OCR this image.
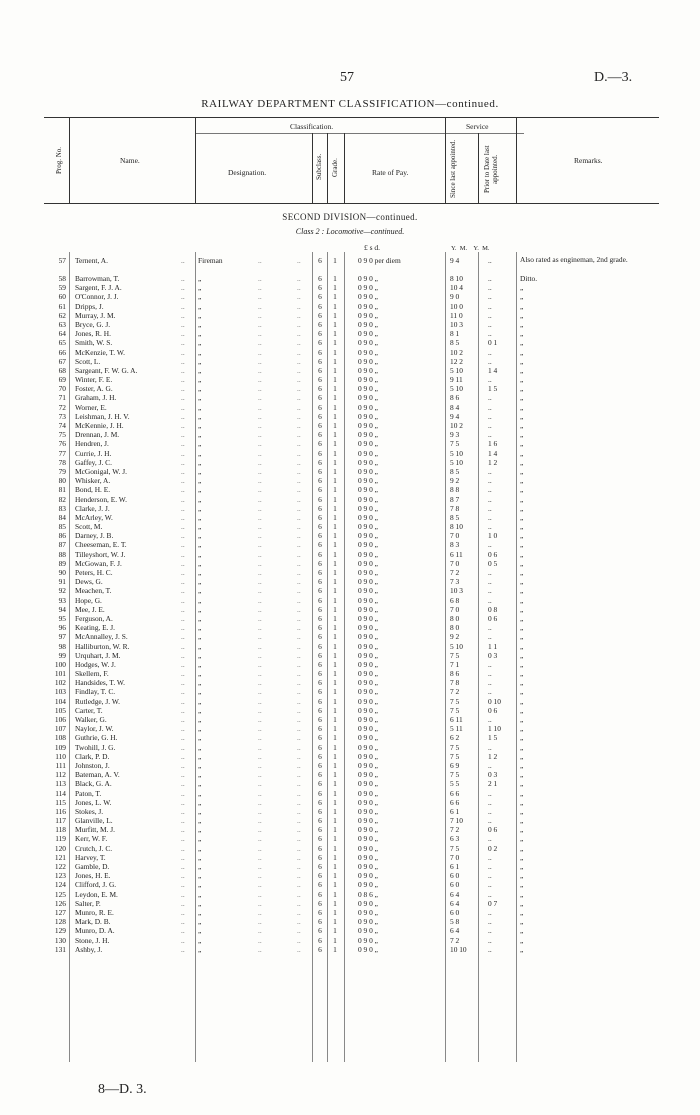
57	D.—3.
RAILWAY DEPARTMENT CLASSIFICATION—continued.
Prog. No.	Name.
Classification.	Service
Designation.	Subclass. Grade.	Rate of Pay.	Since last appointed.	Prior to Date last appointed.	Remarks.
SECOND DIVISION—continued.
Class 2 : Locomotive—continued.
£ s d.	Y.  M.    Y.  M.
57 Ternent, A.	Fireman	6 1	0 9 0 per diem	9 4	..	Also rated as engineman, 2nd grade.
..	..	..
58 Barrowman, T.	„	6 1	0 9 0 „	8 10	..	Ditto.
..	..	..
59 Sargent, F. J. A.	„	6 1	0 9 0 „	10 4	..	„
..	..	..
60 O'Connor, J. J.	„	6 1	0 9 0 „	9 0	..	„
..	..	..
61 Dripps, J.	„	6 1	0 9 0 „	10 0	..	„
..	..	..
62 Murray, J. M.	„	6 1	0 9 0 „	11 0	..	„
..	..	..
63 Bryce, G. J.	„	6 1	0 9 0 „	10 3	..	„
..	..	..
64 Jones, R. H.	„	6 1	0 9 0 „	8 1	..	„
..	..	..
65 Smith, W. S.	„	6 1	0 9 0 „	8 5	0 1	„
..	..	..
66 McKenzie, T. W.	„	6 1	0 9 0 „	10 2	..	„
..	..	..
67 Scott, L.	„	6 1	0 9 0 „	12 2	..	„
..	..	..
68 Sargeant, F. W. G. A.	„	6 1	0 9 0 „	5 10	1 4	„
..	..	..
69 Winter, F. E.	„	6 1	0 9 0 „	9 11	..	„
..	..	..
70 Foster, A. G.	„	6 1	0 9 0 „	5 10	1 5	„
..	..	..
71 Graham, J. H.	„	6 1	0 9 0 „	8 6	..	„
..	..	..
72 Worner, E.	„	6 1	0 9 0 „	8 4	..	„
..	..	..
73 Leishman, J. H. V.	„	6 1	0 9 0 „	9 4	..	„
..	..	..
74 McKennie, J. H.	„	6 1	0 9 0 „	10 2	..	„
..	..	..
75 Drennan, J. M.	„	6 1	0 9 0 „	9 3	..	„
..	..	..
76 Hendren, J.	„	6 1	0 9 0 „	7 5	1 6	„
..	..	..
77 Currie, J. H.	„	6 1	0 9 0 „	5 10	1 4	„
..	..	..
78 Gaffey, J. C.	„	6 1	0 9 0 „	5 10	1 2	„
..	..	..
79 McGonigal, W. J.	„	6 1	0 9 0 „	8 5	..	„
..	..	..
80 Whisker, A.	„	6 1	0 9 0 „	9 2	..	„
..	..	..
81 Bond, H. E.	„	6 1	0 9 0 „	8 8	..	„
..	..	..
82 Henderson, E. W.	„	6 1	0 9 0 „	8 7	..	„
..	..	..
83 Clarke, J. J.	„	6 1	0 9 0 „	7 8	..	„
..	..	..
84 McArley, W.	„	6 1	0 9 0 „	8 5	..	„
..	..	..
85 Scott, M.	„	6 1	0 9 0 „	8 10	..	„
..	..	..
86 Darney, J. B.	„	6 1	0 9 0 „	7 0	1 0	„
..	..	..
87 Cheeseman, E. T.	„	6 1	0 9 0 „	8 3	..	„
..	..	..
88 Tilleyshort, W. J.	„	6 1	0 9 0 „	6 11	0 6	„
..	..	..
89 McGowan, F. J.	„	6 1	0 9 0 „	7 0	0 5	„
..	..	..
90 Peters, H. C.	„	6 1	0 9 0 „	7 2	..	„
..	..	..
91 Dews, G.	„	6 1	0 9 0 „	7 3	..	„
..	..	..
92 Meachen, T.	„	6 1	0 9 0 „	10 3	..	„
..	..	..
93 Hope, G.	„	6 1	0 9 0 „	6 8	..	„
..	..	..
94 Mee, J. E.	„	6 1	0 9 0 „	7 0	0 8	„
..	..	..
95 Ferguson, A.	„	6 1	0 9 0 „	8 0	0 6	„
..	..	..
96 Keating, E. J.	„	6 1	0 9 0 „	8 0	..	„
..	..	..
97 McAnnalley, J. S.	„	6 1	0 9 0 „	9 2	..	„
..	..	..
98 Halliburton, W. R.	„	6 1	0 9 0 „	5 10	1 1	„
..	..	..
99 Urquhart, J. M.	„	6 1	0 9 0 „	7 5	0 3	„
..	..	..
100 Hodges, W. J.	„	6 1	0 9 0 „	7 1	..	„
..	..	..
101 Skellern, F.	„	6 1	0 9 0 „	8 6	..	„
..	..	..
102 Handsides, T. W.	„	6 1	0 9 0 „	7 8	..	„
..	..	..
103 Findlay, T. C.	„	6 1	0 9 0 „	7 2	..	„
..	..	..
104 Rutledge, J. W.	„	6 1	0 9 0 „	7 5	0 10	„
..	..	..
105 Carter, T.	„	6 1	0 9 0 „	7 5	0 6	„
..	..	..
106 Walker, G.	„	6 1	0 9 0 „	6 11	..	„
..	..	..
107 Naylor, J. W.	„	6 1	0 9 0 „	5 11	1 10	„
..	..	..
108 Guthrie, G. H.	„	6 1	0 9 0 „	6 2	1 5	„
..	..	..
109 Twohill, J. G.	„	6 1	0 9 0 „	7 5	..	„
..	..	..
110 Clark, P. D.	„	6 1	0 9 0 „	7 5	1 2	„
..	..	..
111 Johnston, J.	„	6 1	0 9 0 „	6 9	..	„
..	..	..
112 Bateman, A. V.	„	6 1	0 9 0 „	7 5	0 3	„
..	..	..
113 Black, G. A.	„	6 1	0 9 0 „	5 5	2 1	„
..	..	..
114 Paton, T.	„	6 1	0 9 0 „	6 6	..	„
..	..	..
115 Jones, L. W.	„	6 1	0 9 0 „	6 6	..	„
..	..	..
116 Stokes, J.	„	6 1	0 9 0 „	6 1	..	„
..	..	..
117 Glanville, L.	„	6 1	0 9 0 „	7 10	..	„
..	..	..
118 Murfitt, M. J.	„	6 1	0 9 0 „	7 2	0 6	„
..	..	..
119 Kerr, W. F.	„	6 1	0 9 0 „	6 3	..	„
..	..	..
120 Crutch, J. C.	„	6 1	0 9 0 „	7 5	0 2	„
..	..	..
121 Harvey, T.	„	6 1	0 9 0 „	7 0	..	„
..	..	..
122 Gamble, D.	„	6 1	0 9 0 „	6 1	..	„
..	..	..
123 Jones, H. E.	„	6 1	0 9 0 „	6 0	..	„
..	..	..
124 Clifford, J. G.	„	6 1	0 9 0 „	6 0	..	„
..	..	..
125 Leydon, E. M.	„	6 1	0 8 6 „	6 4	..	„
..	..	..
126 Salter, P.	„	6 1	0 9 0 „	6 4	0 7	„
..	..	..
127 Munro, R. E.	„	6 1	0 9 0 „	6 0	..	„
..	..	..
128 Mark, D. B.	„	6 1	0 9 0 „	5 8	..	„
..	..	..
129 Munro, D. A.	„	6 1	0 9 0 „	6 4	..	„
..	..	..
130 Stone, J. H.	„	6 1	0 9 0 „	7 2	..	„
..	..	..
131 Ashby, J.	„	6 1	0 9 0 „	10 10	..	„
..	..	..
8—D. 3.
